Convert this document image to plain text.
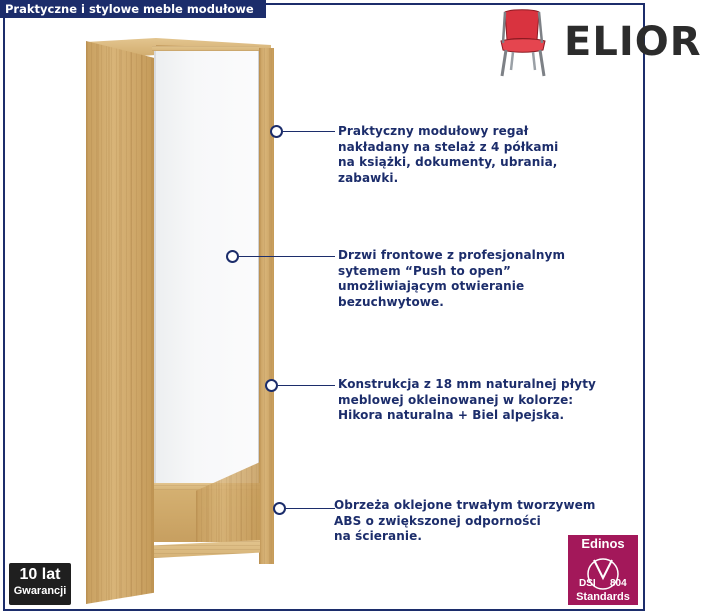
Praktyczne i stylowe meble modułowe
ELIOR
Praktyczny modułowy regał
nakładany na stelaż z 4 półkami
na książki, dokumenty, ubrania,
zabawki.
Drzwi frontowe z profesjonalnym
sytemem “Push to open”
umożliwiającym otwieranie
bezuchwytowe.
Konstrukcja z 18 mm naturalnej płyty
meblowej okleinowanej w kolorze:
Hikora naturalna + Biel alpejska.
Obrzeża oklejone trwałym tworzywem
ABS o zwiększonej odporności
na ścieranie.
10 lat
Gwarancji
Edinos
DSI 804
Standards
